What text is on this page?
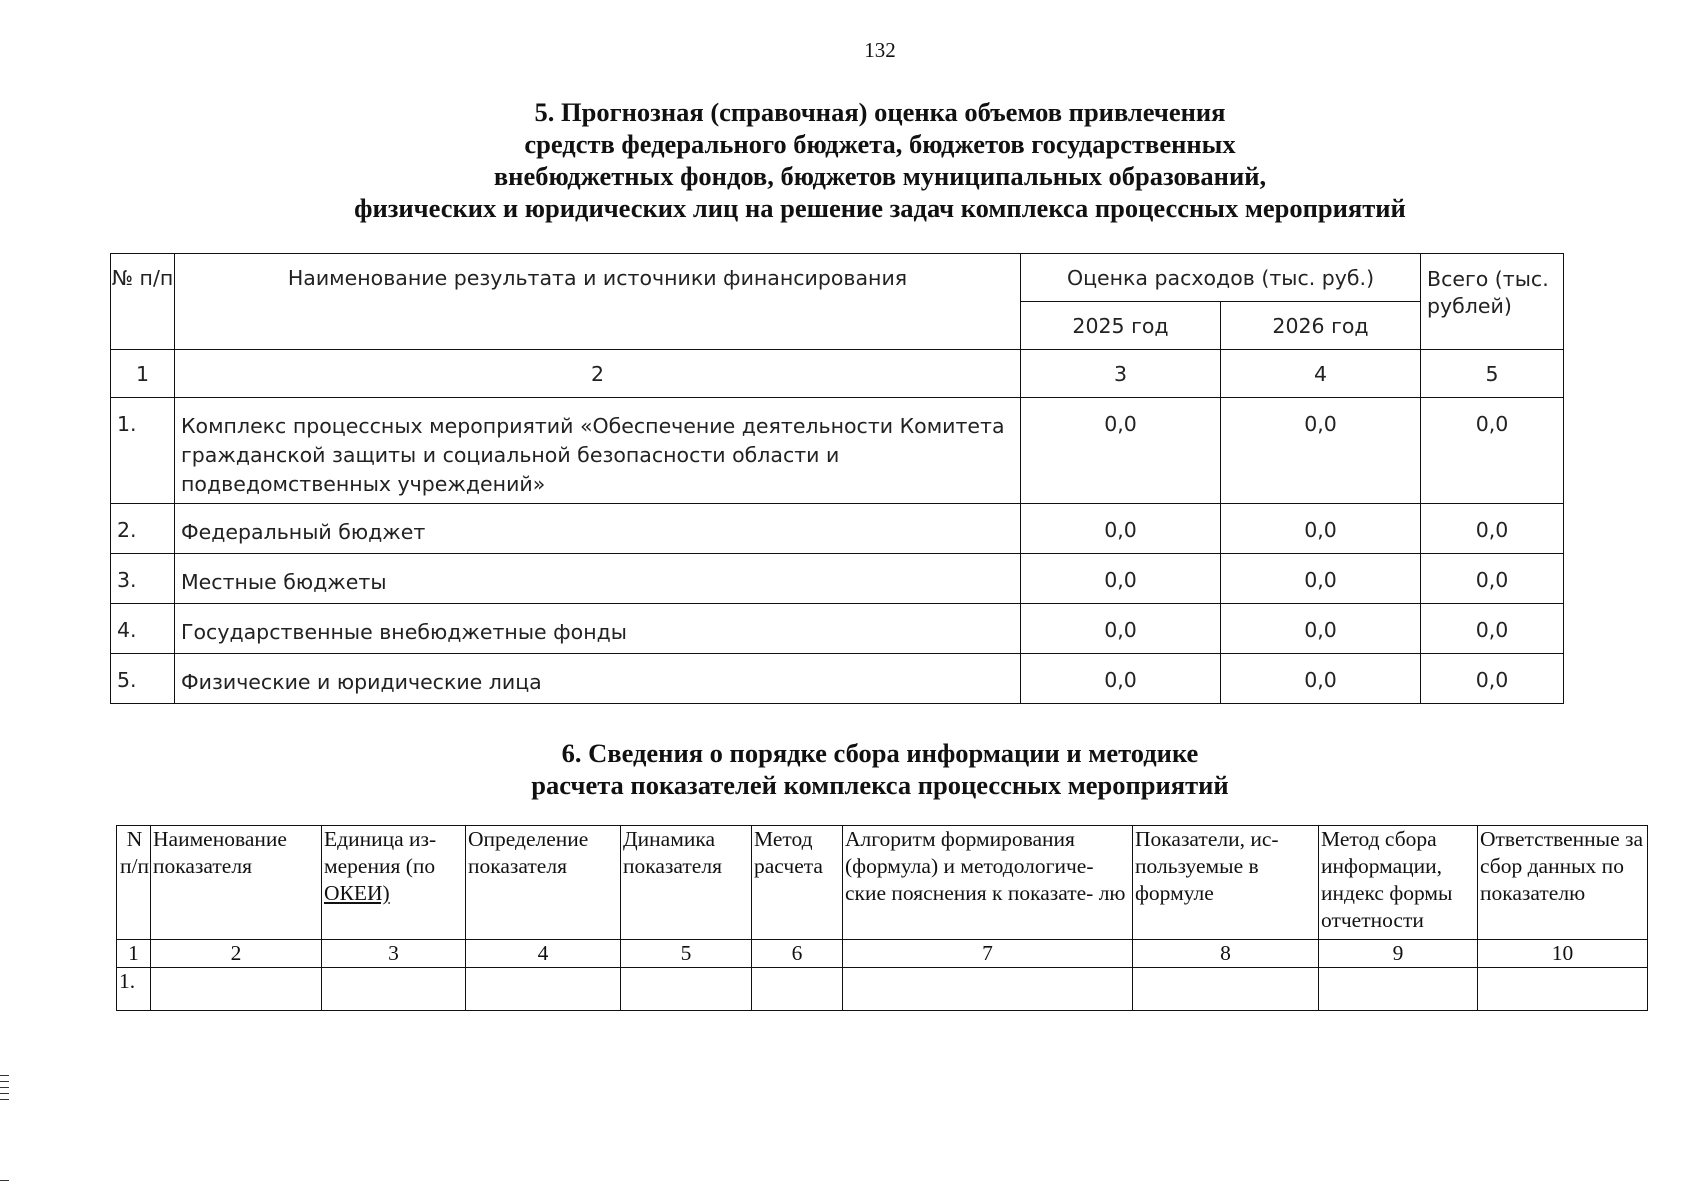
132
5. Прогнозная (справочная) оценка объемов привлечения
средств федерального бюджета, бюджетов государственных
внебюджетных фондов, бюджетов муниципальных образований,
физических и юридических лиц на решение задач комплекса процессных мероприятий
№ п/п	Наименование результата и источники финансирования	Оценка расходов (тыс. руб.)		Всего (тыс. рублей)
		2025 год	2026 год	
1	2	3	4	5
1.	Комплекс процессных мероприятий «Обеспечение деятельности Комитета гражданской защиты и социальной безопасности области и подведомственных учреждений»	0,0	0,0	0,0
2.	Федеральный бюджет	0,0	0,0	0,0
3.	Местные бюджеты	0,0	0,0	0,0
4.	Государственные внебюджетные фонды	0,0	0,0	0,0
5.	Физические и юридические лица	0,0	0,0	0,0
6. Сведения о порядке сбора информации и методике
расчета показателей комплекса процессных мероприятий
N п/п	Наименование показателя	Единица из- мерения (по ОКЕИ)	Определение показателя	Динамика показателя	Метод расчета	Алгоритм формирования (формула) и методологиче- ские пояснения к показате- лю	Показатели, ис- пользуемые в формуле	Метод сбора информации, индекс формы отчетности	Ответственные за сбор данных по показателю
1	2	3	4	5	6	7	8	9	10
1.									
